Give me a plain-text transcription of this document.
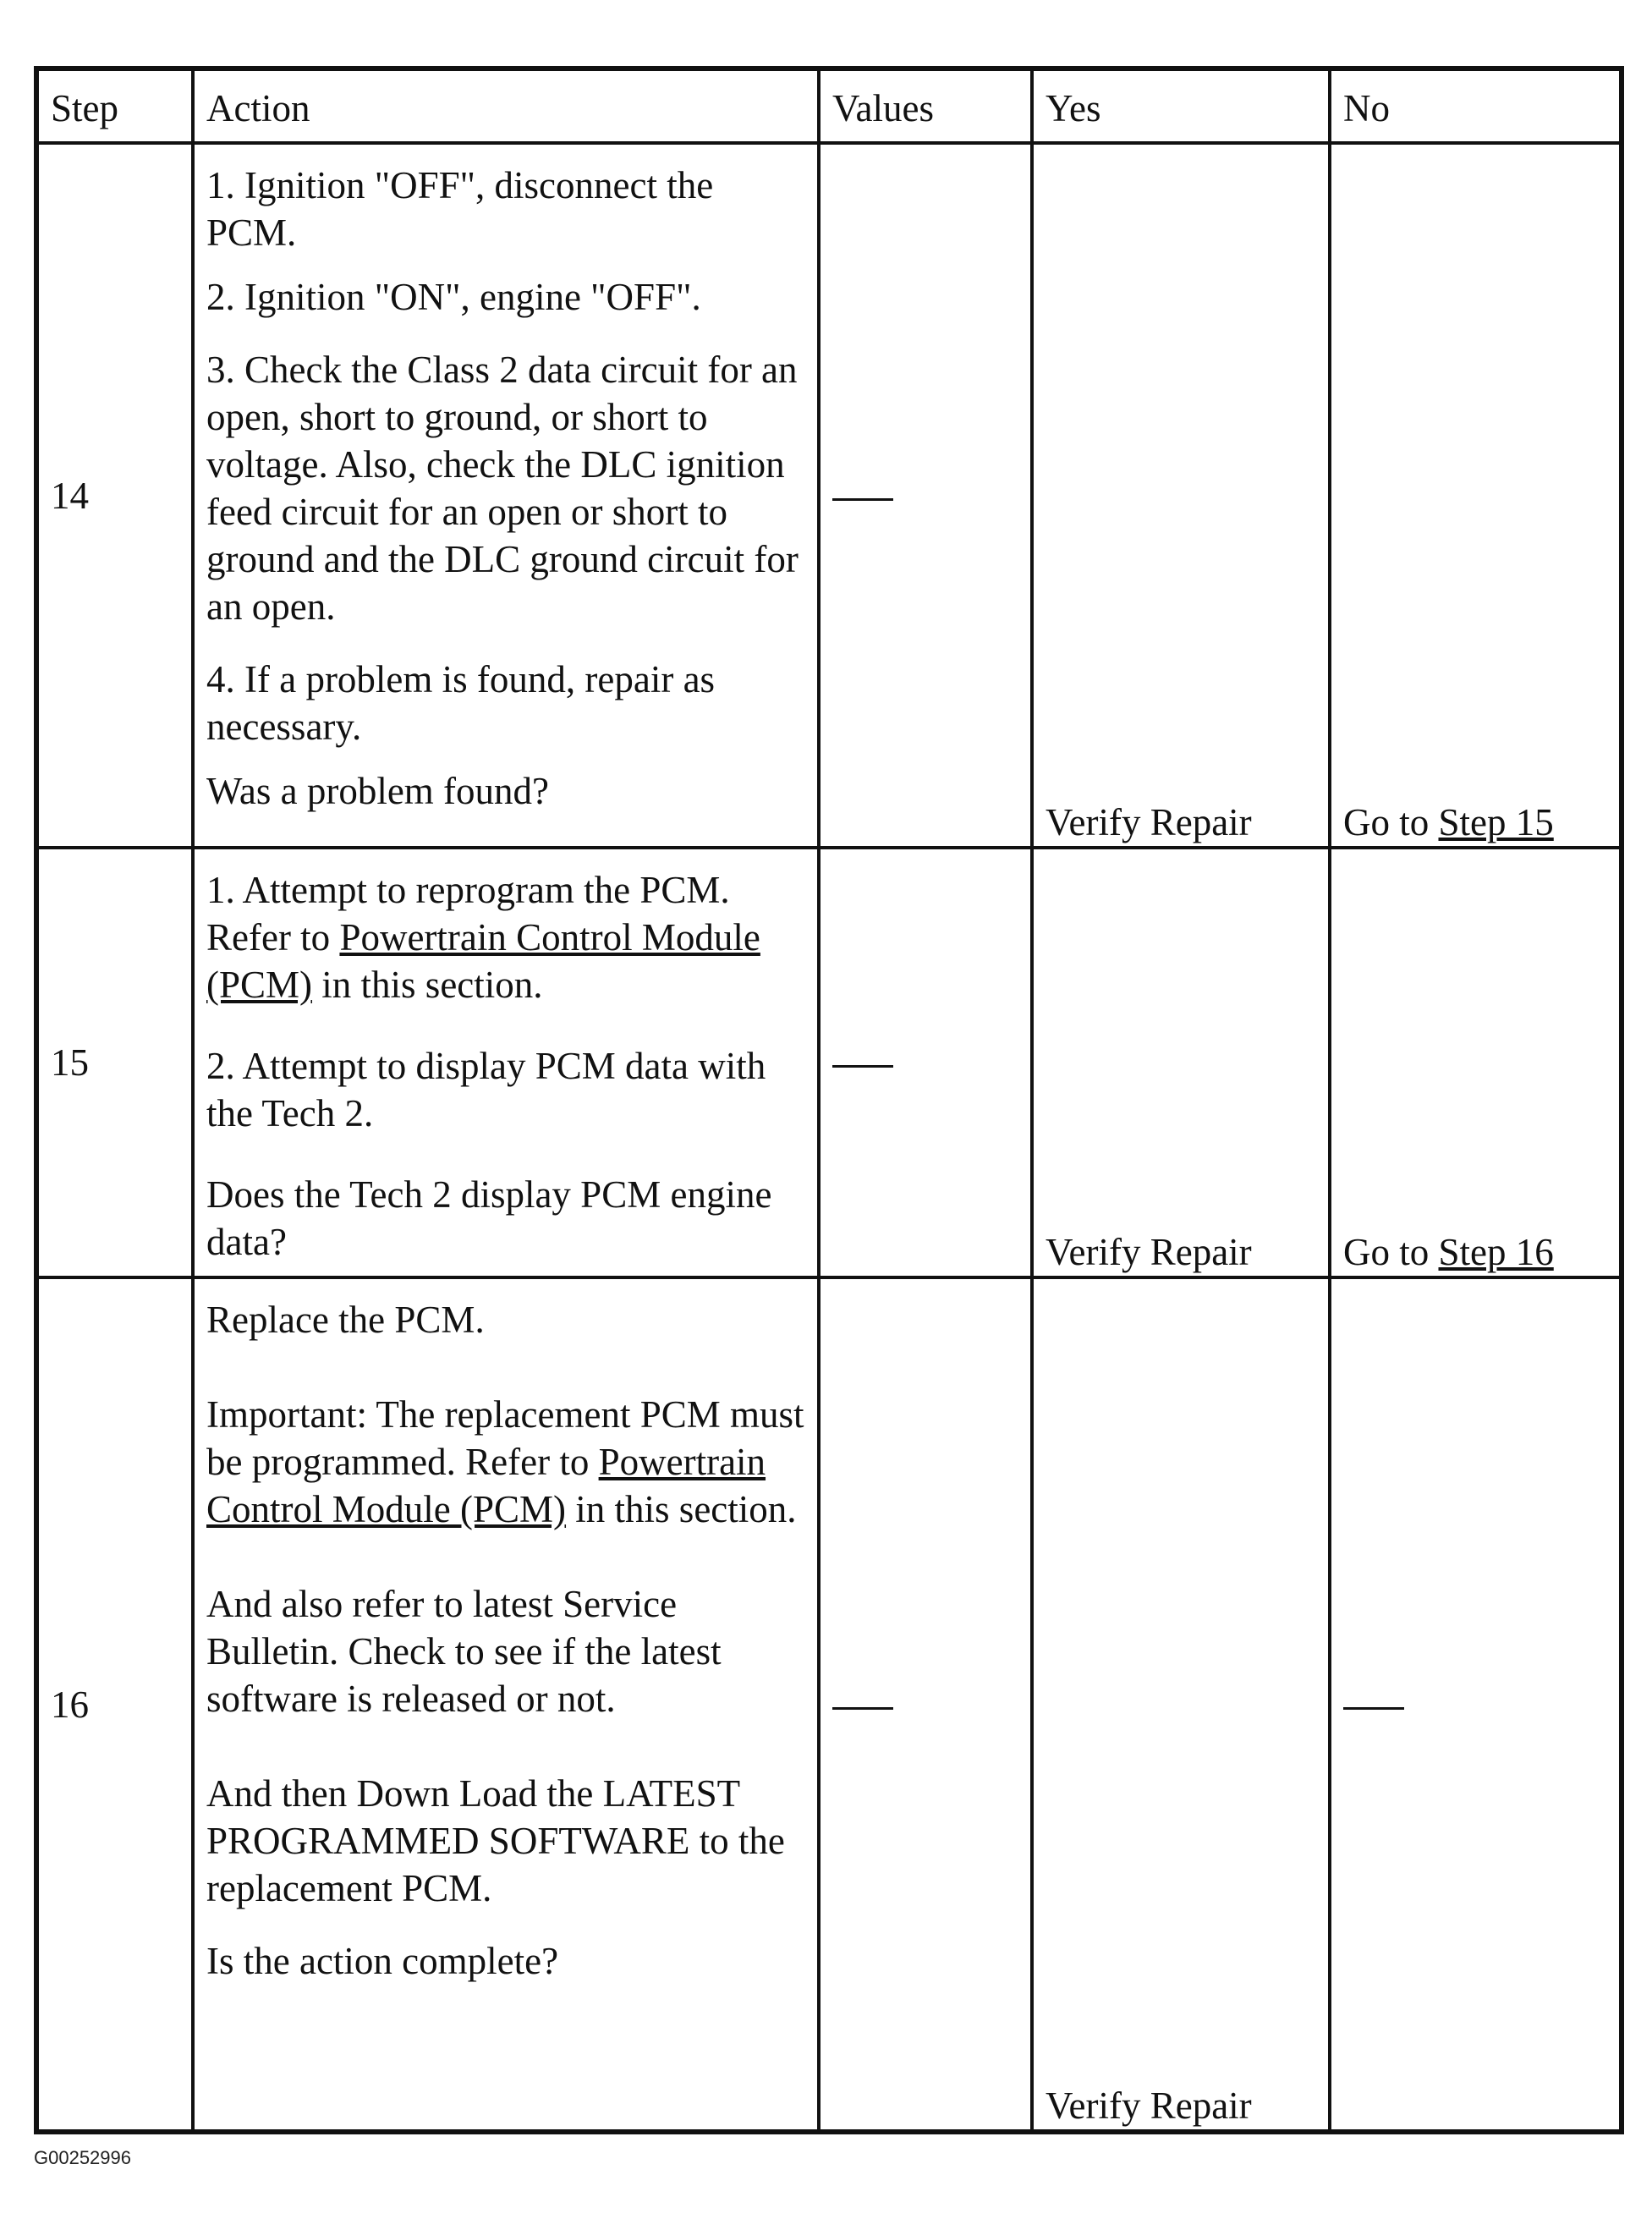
Step	Action	Values	Yes	No
14	1. Ignition "OFF", disconnect the PCM.

2. Ignition "ON", engine "OFF".

3. Check the Class 2 data circuit for an open, short to ground, or short to voltage. Also, check the DLC ignition feed circuit for an open or short to ground and the DLC ground circuit for an open.

4. If a problem is found, repair as necessary.

Was a problem found?		Verify Repair	Go to Step 15
15	1. Attempt to reprogram the PCM. Refer to Powertrain Control Module (PCM) in this section.

2. Attempt to display PCM data with the Tech 2.

Does the Tech 2 display PCM engine data?		Verify Repair	Go to Step 16
16	Replace the PCM.

Important: The replacement PCM must be programmed. Refer to Powertrain Control Module (PCM) in this section.

And also refer to latest Service Bulletin. Check to see if the latest software is released or not.

And then Down Load the LATEST PROGRAMMED SOFTWARE to the replacement PCM.

Is the action complete?		Verify Repair	
G00252996
